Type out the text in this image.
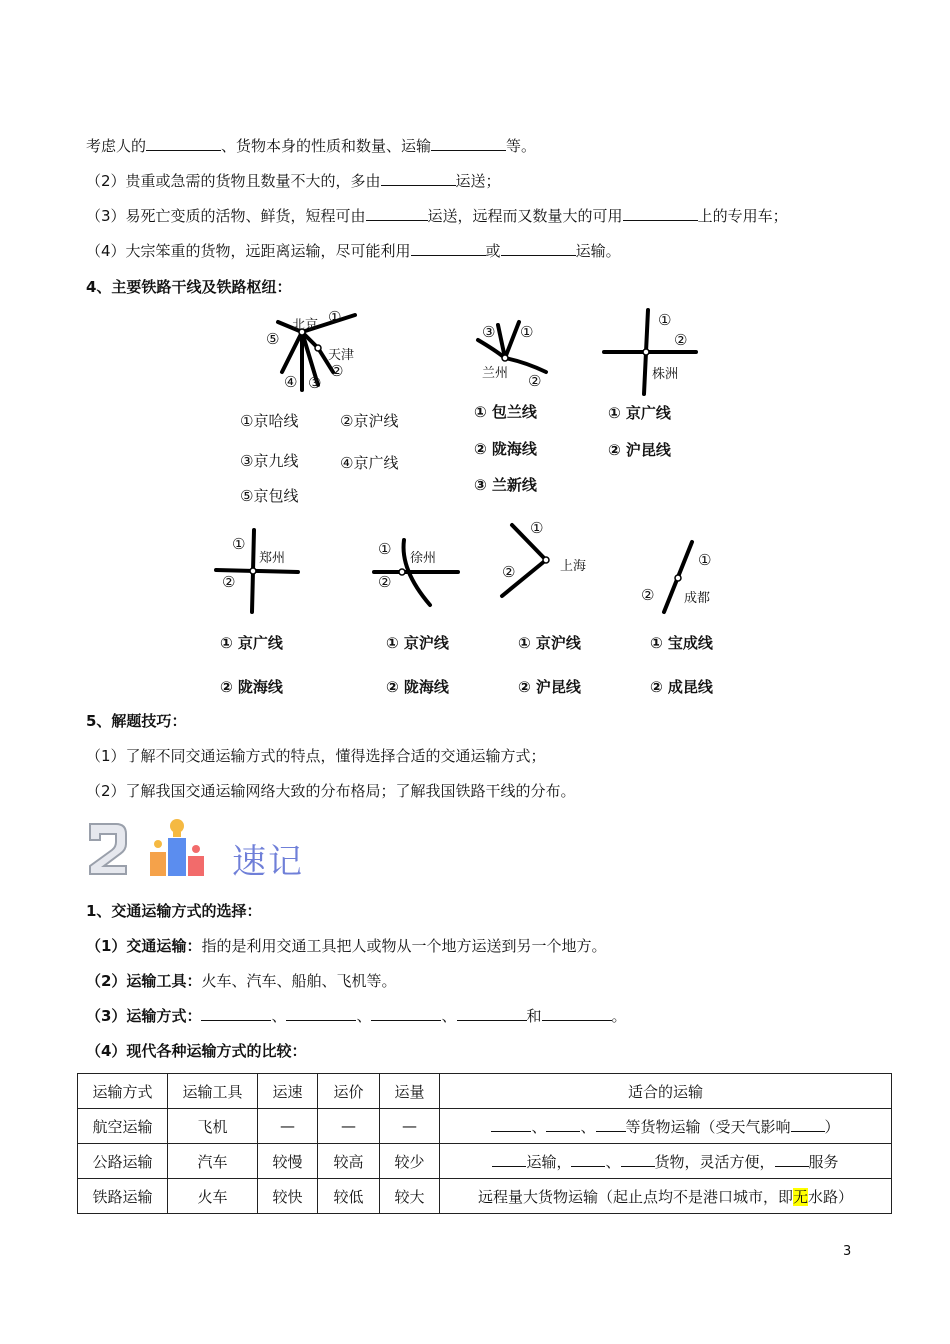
考虑人的	、货物本身的性质和数量、运输	等。
（2）贵重或急需的货物且数量不大的，多由	运送；
（3）易死亡变质的活物、鲜货，短程可由	运送，远程而又数量大的可用	上的专用车；
（4）大宗笨重的货物，远距离运输，尽可能利用	或	运输。
4、主要铁路干线及铁路枢纽：
北京
天津
①
⑤
②
④ ③
①京哈线	②京沪线
③京九线	④京广线
⑤京包线
③ ①
兰州 ②
① 包兰线
② 陇海线
③ 兰新线
①
②
株洲
① 京广线
② 沪昆线
①
郑州
②
① 京广线
② 陇海线
①
徐州
②
① 京沪线
② 陇海线
①
上海
②
① 京沪线
② 沪昆线
①
② 成都
① 宝成线
② 成昆线
5、解题技巧：
（1）了解不同交通运输方式的特点，懂得选择合适的交通运输方式；
（2）了解我国交通运输网络大致的分布格局；了解我国铁路干线的分布。
速记
1、交通运输方式的选择：
（1）交通运输：指的是利用交通工具把人或物从一个地方运送到另一个地方。
（2）运输工具：火车、汽车、船舶、飞机等。
（3）运输方式：	、	、	、	和	。
（4）现代各种运输方式的比较：
运输方式	运输工具	运速	运价	运量	适合的运输
航空运输	飞机	—	—	—	、 、 等货物运输（受天气影响 ）
公路运输	汽车	较慢	较高	较少	运输， 、 货物，灵活方便， 服务
铁路运输	火车	较快	较低	较大	远程量大货物运输（起止点均不是港口城市，即无水路）
3
